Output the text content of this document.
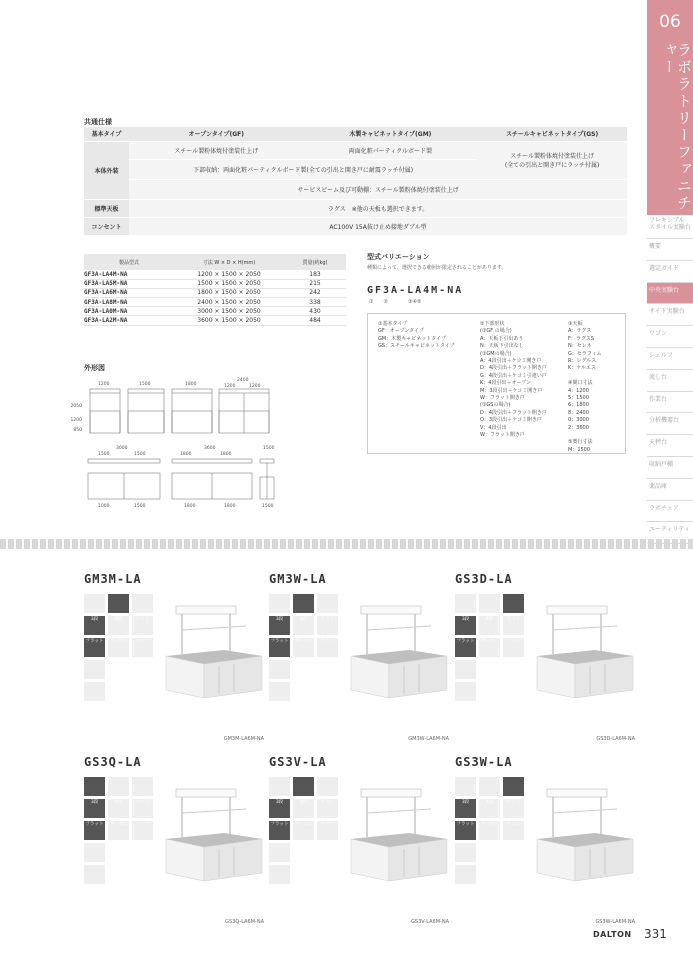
06
ラボラトリーファニチャー
フレキシブル スタイル実験台
概要
選定ガイド
中央実験台
サイド実験台
ワゴン
シェルフ
流し台
作業台
分析機器台
天秤台
収納戸棚
薬品庫
ラボチェア
ユーティリティ
共通仕様
基本タイプ	オープンタイプ(GF)	木製キャビネットタイプ(GM)	スチールキャビネットタイプ(GS)
本体外装	スチール製粉体焼付塗装仕上げ	両面化粧パーティクルボード製	スチール製粉体焼付塗装仕上げ
(全ての引出と開き戸にラッチ付属)

	下部収納：両面化粧パーティクルボード製(全ての引出と開き戸に耐震ラッチ付属)		
	サービスビーム及び可動棚：スチール製粉体焼付塗装仕上げ		
標準天板	ラグス　※他の天板も選択できます。		
コンセント	AC100V 15A抜け止め接地ダブル型		
製品型式	寸法 W × D × H(mm)	質量(約kg)
GF3A-LA4M-NA	1200 × 1500 × 2050	183
GF3A-LA5M-NA	1500 × 1500 × 2050	215
GF3A-LA6M-NA	1800 × 1500 × 2050	242
GF3A-LA8M-NA	2400 × 1500 × 2050	338
GF3A-LA0M-NA	3000 × 1500 × 2050	430
GF3A-LA2M-NA	3600 × 1500 × 2050	484
型式バリエーション
種類によって、選択できる範囲が限定されることがあります。
GF3A-LA4M-NA
①　　②　　　　③④⑤
①基本タイプ
GF：オープンタイプ
GM：木製キャビネットタイプ
GS：スチールキャビネットタイプ
②下部形状
(①GF の場合)
A：天板下引出あり
N：天板下引出なし
(①GMの場合)
A：4段引出＋ケコミ開き戸
D：4段引出＋フラット開き戸
G：4段引出＋ケコミ引違い戸
K：4段引出＋オープン
M：3段引出＋ケコミ開き戸
W：フラット開き戸
(①GSの場合)
D：4段引出＋フラット開き戸
Q：3段引出＋ケコミ開き戸
V：4段引出
W：フラット開き戸
③天板
A：ラグス
F：ラグスS
N：セレネ
G：セラフィム
R：レグルス
K：ケルエス
④間口寸法
4：1200
5：1500
6：1800
8：2400
0：3000
2：3600
⑤奥行寸法
M：1500
外形図
1200	1500	1800
2400
1200	1200
2050
1200
850
3000
1500	1500
3600
1800	1800
1500
1000	1500	1800	1800	1500
GM3M-LA
3段	4段	ケコミ
フラット	オープン	ケコミ
GM3M-LA6M-NA
GM3W-LA
3段	4段	ケコミ
フラット	オープン	ケコミ
GM3W-LA6M-NA
GS3D-LA
3段	4段	ケコミ
フラット	オープン	ケコミ
GS3D-LA6M-NA
GS3Q-LA
3段	4段	ケコミ
フラット	オープン	ケコミ
GS3Q-LA6M-NA
GS3V-LA
3段	4段	ケコミ
フラット	オープン	ケコミ
GS3V-LA6M-NA
GS3W-LA
3段	4段	ケコミ
フラット	オープン	ケコミ
GS3W-LA6M-NA
DALTON 331
